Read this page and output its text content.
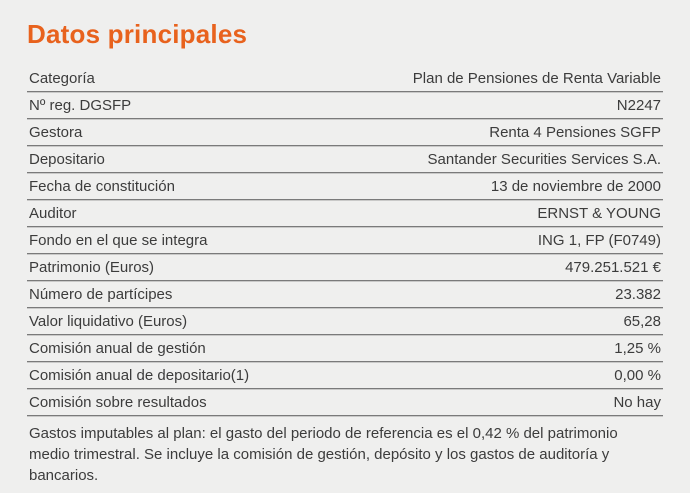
Datos principales
Categoría	Plan de Pensiones de Renta Variable
Nº reg. DGSFP	N2247
Gestora	Renta 4 Pensiones SGFP
Depositario	Santander Securities Services S.A.
Fecha de constitución	13 de noviembre de 2000
Auditor	ERNST & YOUNG
Fondo en el que se integra	ING 1, FP (F0749)
Patrimonio (Euros)	479.251.521 €
Número de partícipes	23.382
Valor liquidativo (Euros)	65,28
Comisión anual de gestión	1,25 %
Comisión anual de depositario(1)	0,00 %
Comisión sobre resultados	No hay
Gastos imputables al plan: el gasto del periodo de referencia es el 0,42 % del patrimonio medio trimestral. Se incluye la comisión de gestión, depósito y los gastos de auditoría y bancarios.
